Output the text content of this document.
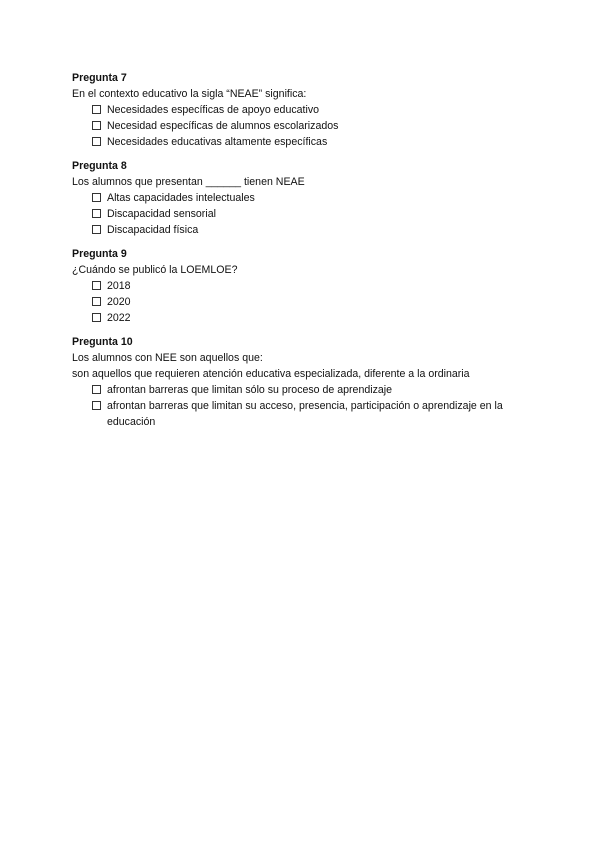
Pregunta 7
En el contexto educativo la sigla “NEAE” significa:
Necesidades específicas de apoyo educativo
Necesidad específicas de alumnos escolarizados
Necesidades educativas altamente específicas
Pregunta 8
Los alumnos que presentan ______ tienen NEAE
Altas capacidades intelectuales
Discapacidad sensorial
Discapacidad física
Pregunta 9
¿Cuándo se publicó la LOEMLOE?
2018
2020
2022
Pregunta 10
Los alumnos con NEE son aquellos que:
son aquellos que requieren atención educativa especializada, diferente a la ordinaria
afrontan barreras que limitan sólo su proceso de aprendizaje
afrontan barreras que limitan su acceso, presencia, participación o aprendizaje en la educación
